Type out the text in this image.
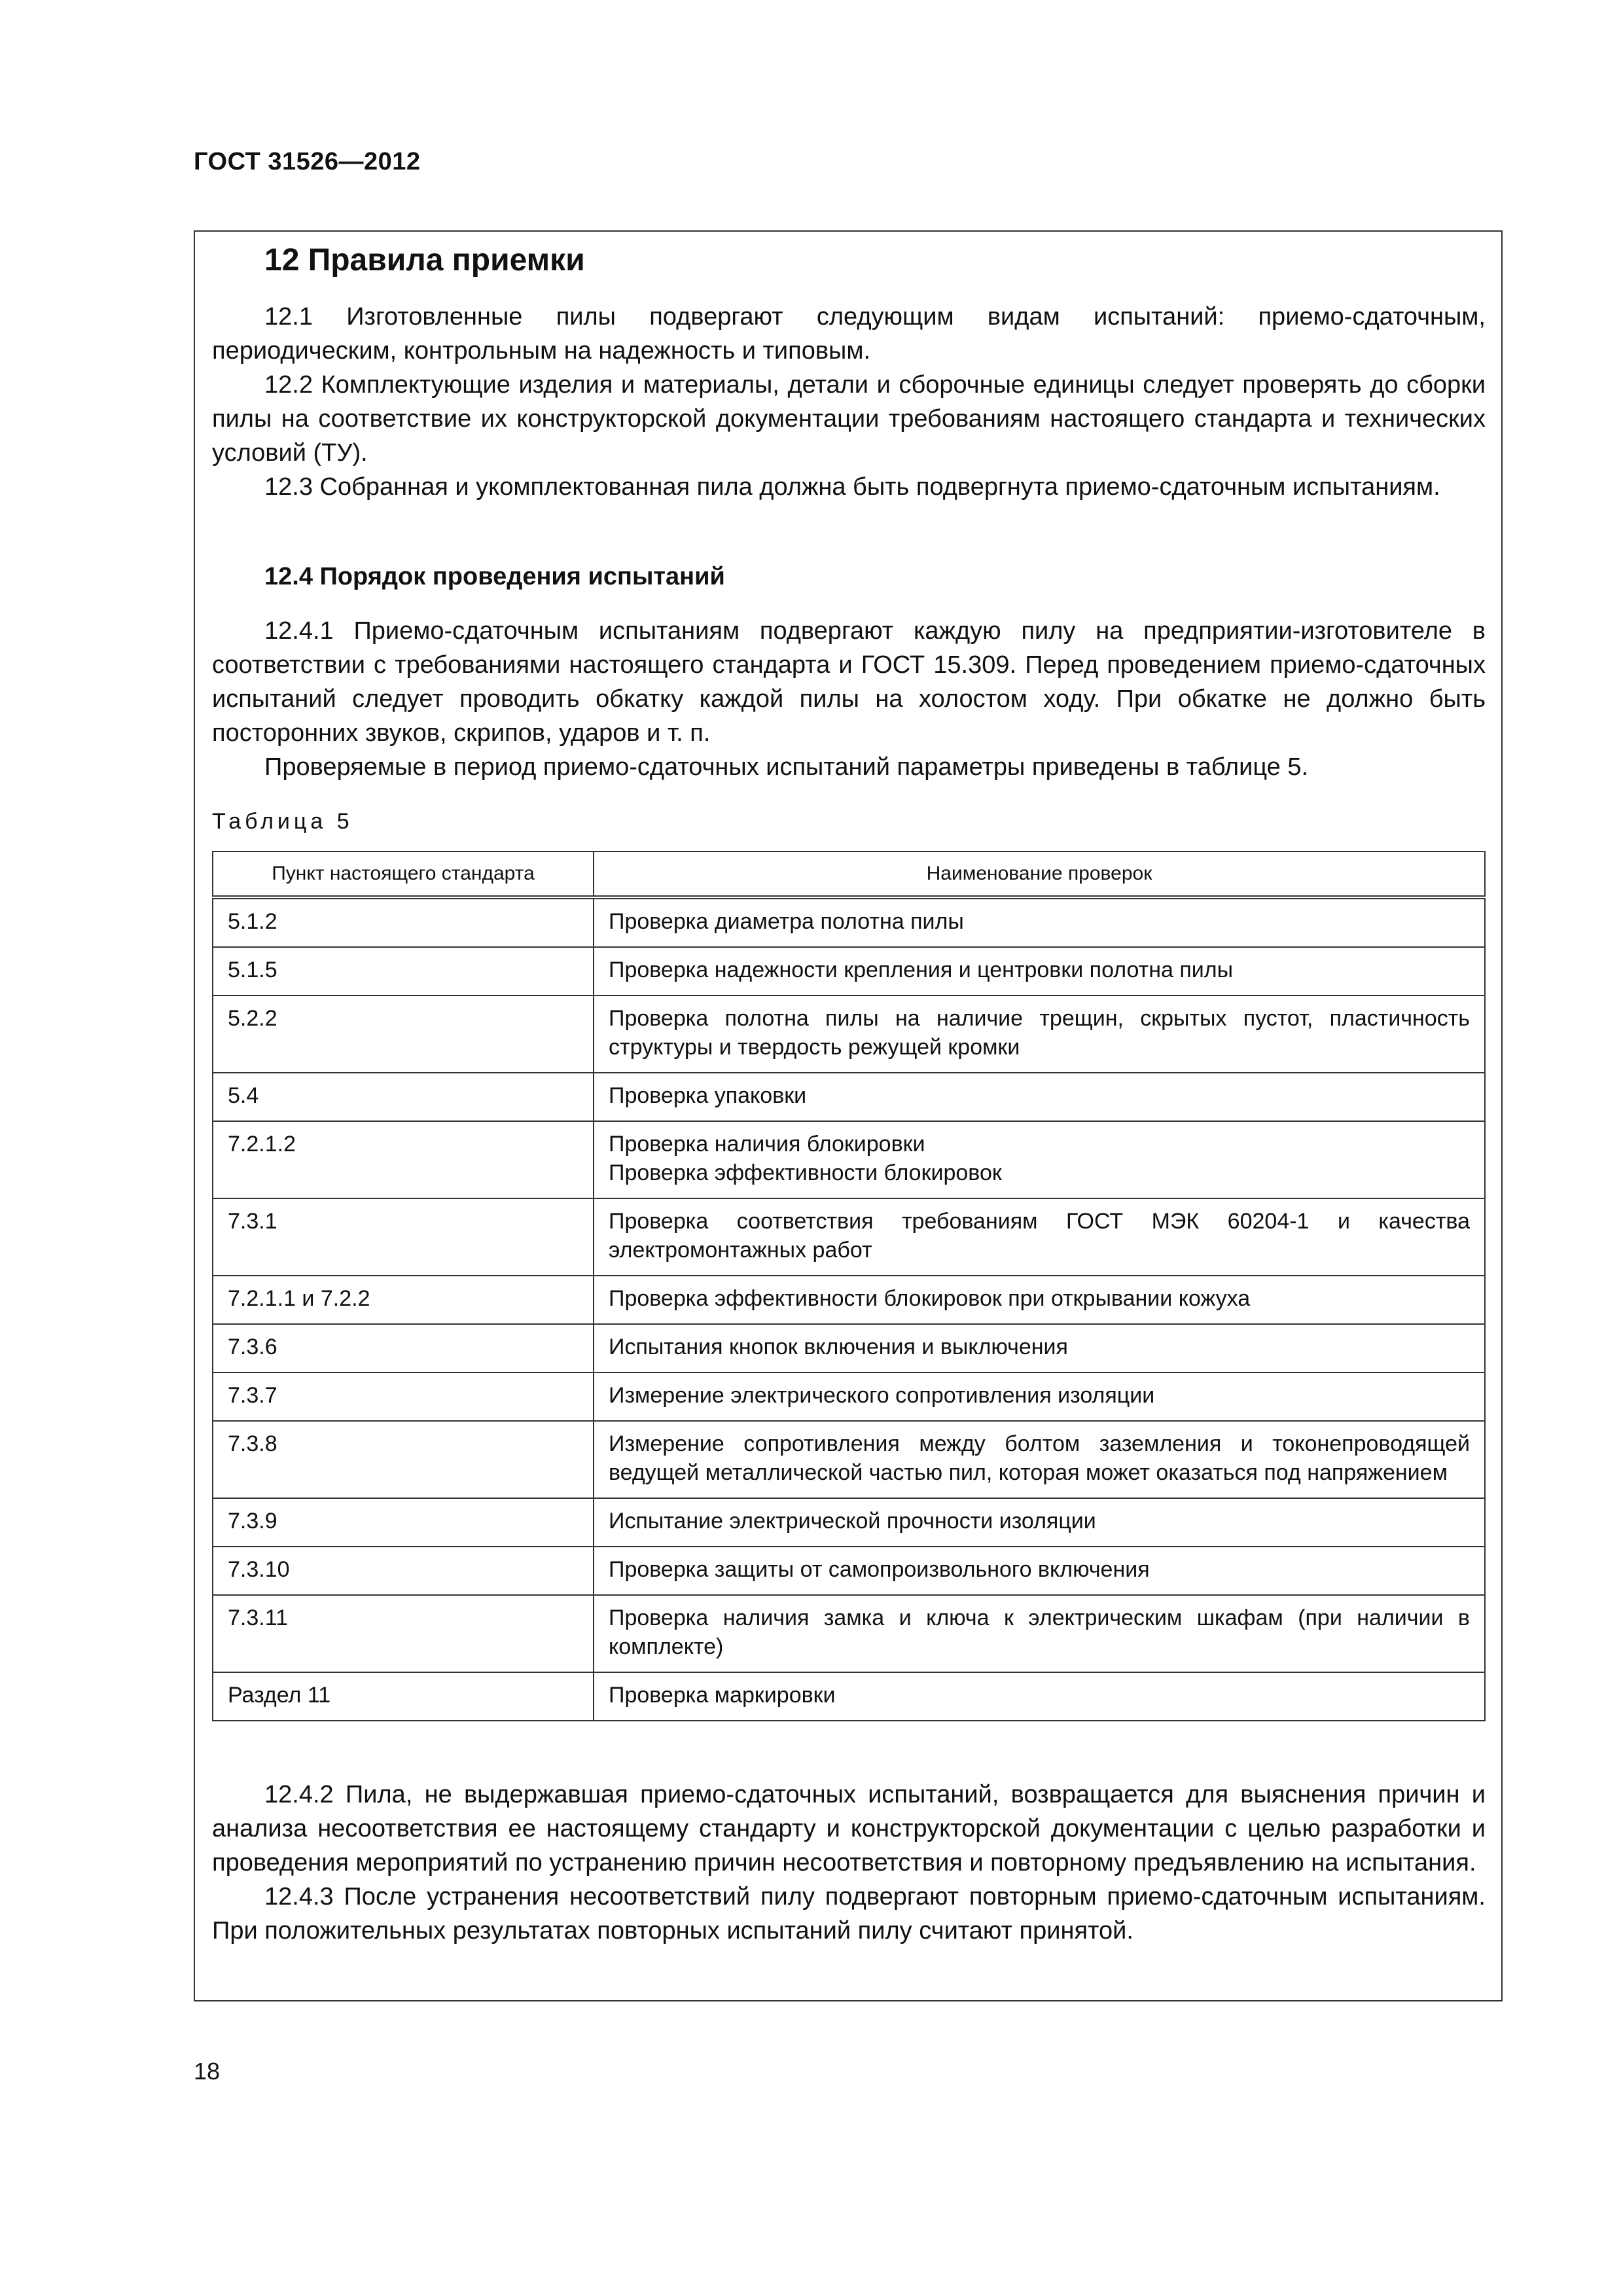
ГОСТ 31526—2012
12 Правила приемки

12.1 Изготовленные пилы подвергают следующим видам испытаний: приемо-сдаточным, периодическим, контрольным на надежность и типовым.

12.2 Комплектующие изделия и материалы, детали и сборочные единицы следует проверять до сборки пилы на соответствие их конструкторской документации требованиям настоящего стандарта и технических условий (ТУ).

12.3 Собранная и укомплектованная пила должна быть подвергнута приемо-сдаточным испытаниям.

12.4 Порядок проведения испытаний

12.4.1 Приемо-сдаточным испытаниям подвергают каждую пилу на предприятии-изготовителе в соответствии с требованиями настоящего стандарта и ГОСТ 15.309. Перед проведением приемо-сдаточных испытаний следует проводить обкатку каждой пилы на холостом ходу. При обкатке не должно быть посторонних звуков, скрипов, ударов и т. п.

Проверяемые в период приемо-сдаточных испытаний параметры приведены в таблице 5.

Таблица 5
Пункт настоящего стандарта	Наименование проверок
5.1.2	Проверка диаметра полотна пилы
5.1.5	Проверка надежности крепления и центровки полотна пилы
5.2.2	Проверка полотна пилы на наличие трещин, скрытых пустот, пластичность структуры и твердость режущей кромки
5.4	Проверка упаковки
7.2.1.2	Проверка наличия блокировки
Проверка эффективности блокировок

7.3.1	Проверка соответствия требованиям ГОСТ МЭК 60204-1 и качества электромонтажных работ
7.2.1.1 и 7.2.2	Проверка эффективности блокировок при открывании кожуха
7.3.6	Испытания кнопок включения и выключения
7.3.7	Измерение электрического сопротивления изоляции
7.3.8	Измерение сопротивления между болтом заземления и токонепроводящей ведущей металлической частью пил, которая может оказаться под напряжением
7.3.9	Испытание электрической прочности изоляции
7.3.10	Проверка защиты от самопроизвольного включения
7.3.11	Проверка наличия замка и ключа к электрическим шкафам (при наличии в комплекте)
Раздел 11	Проверка маркировки

12.4.2 Пила, не выдержавшая приемо-сдаточных испытаний, возвращается для выяснения причин и анализа несоответствия ее настоящему стандарту и конструкторской документации с целью разработки и проведения мероприятий по устранению причин несоответствия и повторному предъявлению на испытания.

12.4.3 После устранения несоответствий пилу подвергают повторным приемо-сдаточным испытаниям. При положительных результатах повторных испытаний пилу считают принятой.

18
